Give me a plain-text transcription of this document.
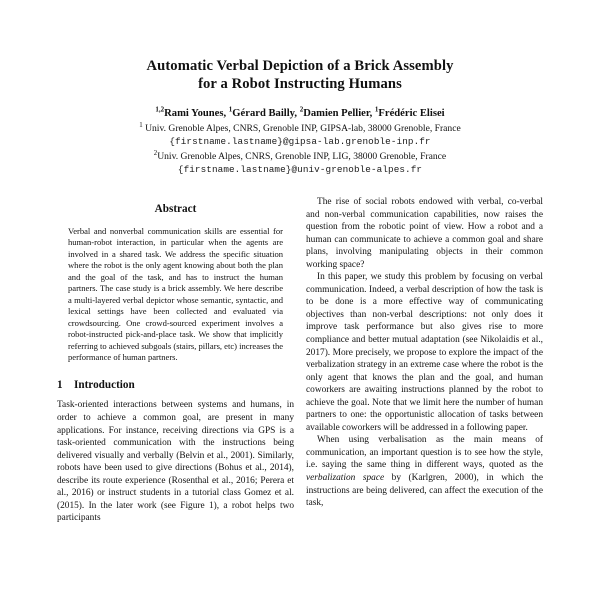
Automatic Verbal Depiction of a Brick Assembly
for a Robot Instructing Humans
$^{1,2}$Rami Younes, $^1$Gérard Bailly, $^2$Damien Pellier, $^1$Frédéric Elisei
$^1$ Univ. Grenoble Alpes, CNRS, Grenoble INP, GIPSA-lab, 38000 Grenoble, France
{firstname.lastname}@gipsa-lab.grenoble-inp.fr
$^2$Univ. Grenoble Alpes, CNRS, Grenoble INP, LIG, 38000 Grenoble, France
{firstname.lastname}@univ-grenoble-alpes.fr
Abstract

Verbal and nonverbal communication skills are essential for human-robot interaction, in particular when the agents are involved in a shared task. We address the specific situation where the robot is the only agent knowing about both the plan and the goal of the task, and has to instruct the human partners. The case study is a brick assembly. We here describe a multi-layered verbal depictor whose semantic, syntactic, and lexical settings have been collected and evaluated via crowdsourcing. One crowd-sourced experiment involves a robot-instructed pick-and-place task. We show that implicitly referring to achieved subgoals (stairs, pillars, etc) increases the performance of human partners.

1 Introduction

Task-oriented interactions between systems and humans, in order to achieve a common goal, are present in many applications. For instance, receiving directions via GPS is a task-oriented communication with the instructions being delivered visually and verbally (Belvin et al., 2001). Similarly, robots have been used to give directions (Bohus et al., 2014), describe its route experience (Rosenthal et al., 2016; Perera et al., 2016) or instruct students in a tutorial class Gomez et al. (2015). In the later work (see Figure 1), a robot helps two participants

The rise of social robots endowed with verbal, co-verbal and non-verbal communication capabilities, now raises the question from the robotic point of view. How a robot and a human can communicate to achieve a common goal and share plans, involving manipulating objects in their common working space?

In this paper, we study this problem by focusing on verbal communication. Indeed, a verbal description of how the task is to be done is a more effective way of communicating objectives than non-verbal descriptions: not only does it improve task performance but also gives rise to more compliance and better mutual adaptation (see Nikolaidis et al., 2017). More precisely, we propose to explore the impact of the verbalization strategy in an extreme case where the robot is the only agent that knows the plan and the goal, and human coworkers are awaiting instructions planned by the robot to achieve the goal. Note that we limit here the number of human partners to one: the opportunistic allocation of tasks between available coworkers will be addressed in a following paper.

When using verbalisation as the main means of communication, an important question is to see how the style, i.e. saying the same thing in different ways, quoted as the verbalization space by (Karlgren, 2000), in which the instructions are being delivered, can affect the execution of the task,
